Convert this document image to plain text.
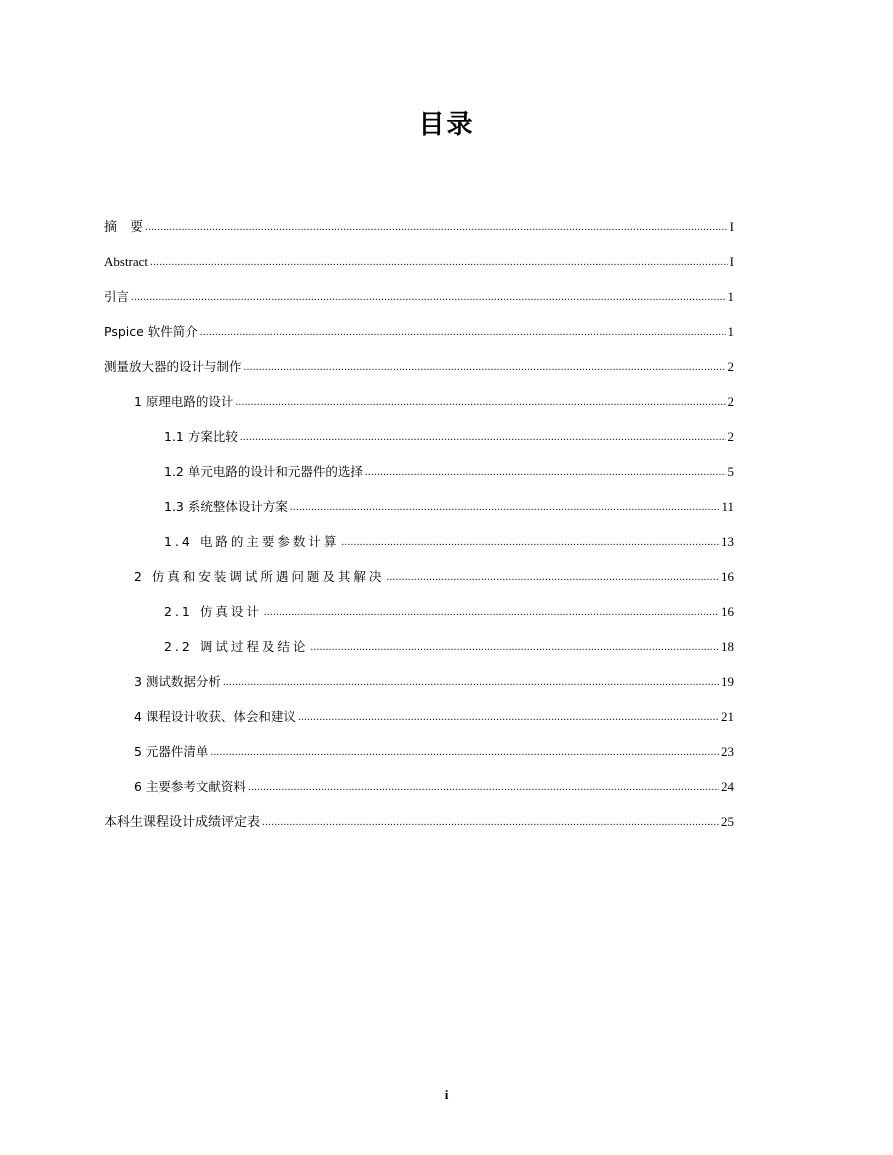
目录
摘　要 .....	I
Abstract .....	I
引言 .....	1
Pspice 软件简介 .....	1
测量放大器的设计与制作 .....	2
1 原理电路的设计 .....	2
1.1 方案比较 .....	2
1.2 单元电路的设计和元器件的选择 .....	5
1.3 系统整体设计方案 .....	11
1.4 电路的主要参数计算 .....	13
2 仿真和安装调试所遇问题及其解决 .....	16
2.1 仿真设计 .....	16
2.2 调试过程及结论 .....	18
3 测试数据分析 .....	19
4 课程设计收获、体会和建议 .....	21
5 元器件清单 .....	23
6 主要参考文献资料 .....	24
本科生课程设计成绩评定表 .....	25
i
